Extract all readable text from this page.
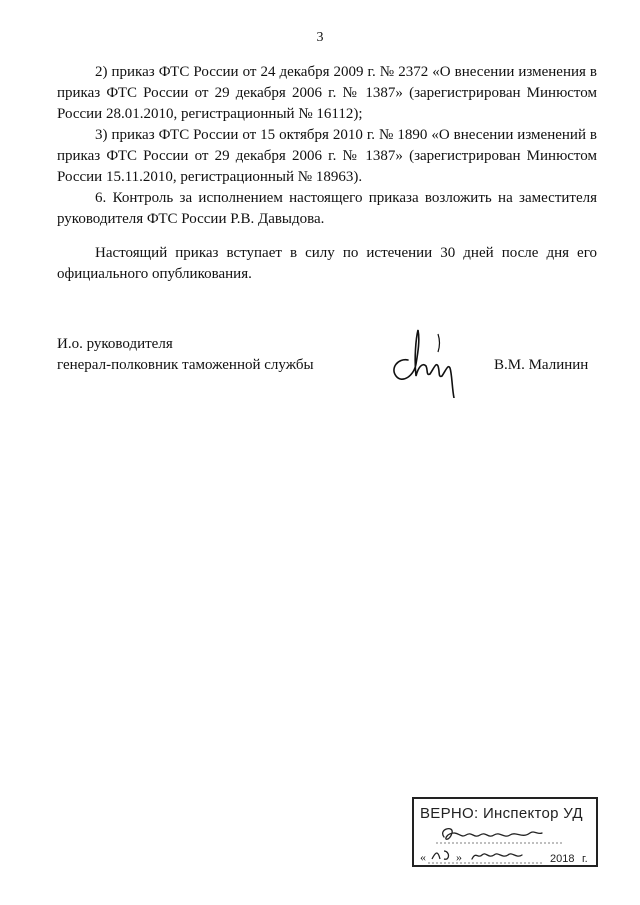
3

2) приказ ФТС России от 24 декабря 2009 г. № 2372 «О внесении изменения в приказ ФТС России от 29 декабря 2006 г. № 1387» (зарегистрирован Минюстом России 28.01.2010, регистрационный № 16112);

3) приказ ФТС России от 15 октября 2010 г. № 1890 «О внесении изменений в приказ ФТС России от 29 декабря 2006 г. № 1387» (зарегистрирован Минюстом России 15.11.2010, регистрационный № 18963).

6. Контроль за исполнением настоящего приказа возложить на заместителя руководителя ФТС России Р.В. Давыдова.

Настоящий приказ вступает в силу по истечении 30 дней после дня его официального опубликования.

И.о. руководителя
генерал-полковник таможенной службы	В.М. Малинин
ВЕРНО: Инспектор УД
«	»	2018 г.
